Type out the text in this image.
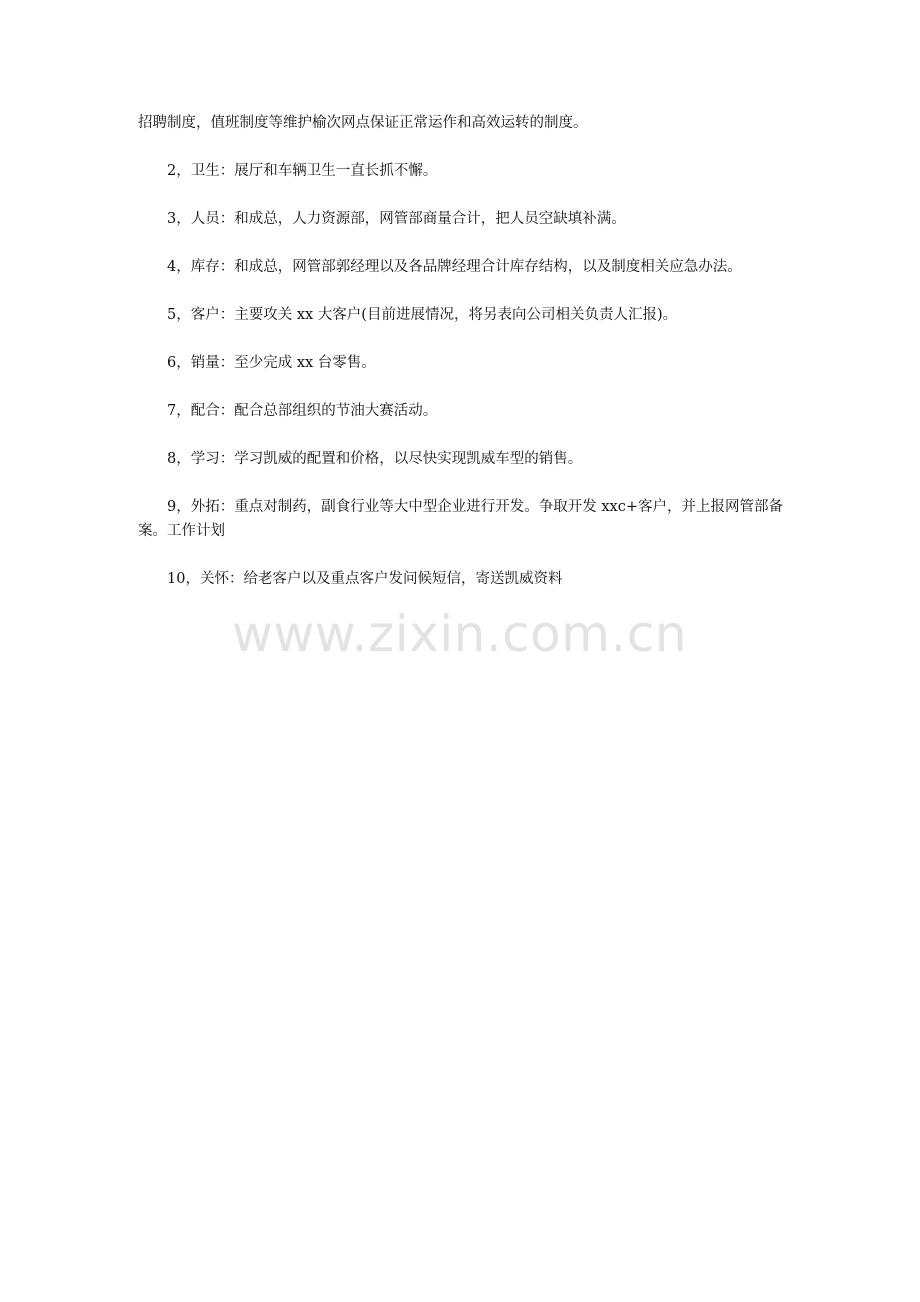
招聘制度，值班制度等维护榆次网点保证正常运作和高效运转的制度。

2，卫生：展厅和车辆卫生一直长抓不懈。

3，人员：和成总，人力资源部，网管部商量合计，把人员空缺填补满。

4，库存：和成总，网管部郭经理以及各品牌经理合计库存结构，以及制度相关应急办法。

5，客户：主要攻关 xx 大客户(目前进展情况，将另表向公司相关负责人汇报)。

6，销量：至少完成 xx 台零售。

7，配合：配合总部组织的节油大赛活动。

8，学习：学习凯威的配置和价格，以尽快实现凯威车型的销售。

9，外拓：重点对制药，副食行业等大中型企业进行开发。争取开发 xxc+客户，并上报网管部备案。工作计划

10，关怀：给老客户以及重点客户发问候短信，寄送凯威资料

www.zixin.com.cn
